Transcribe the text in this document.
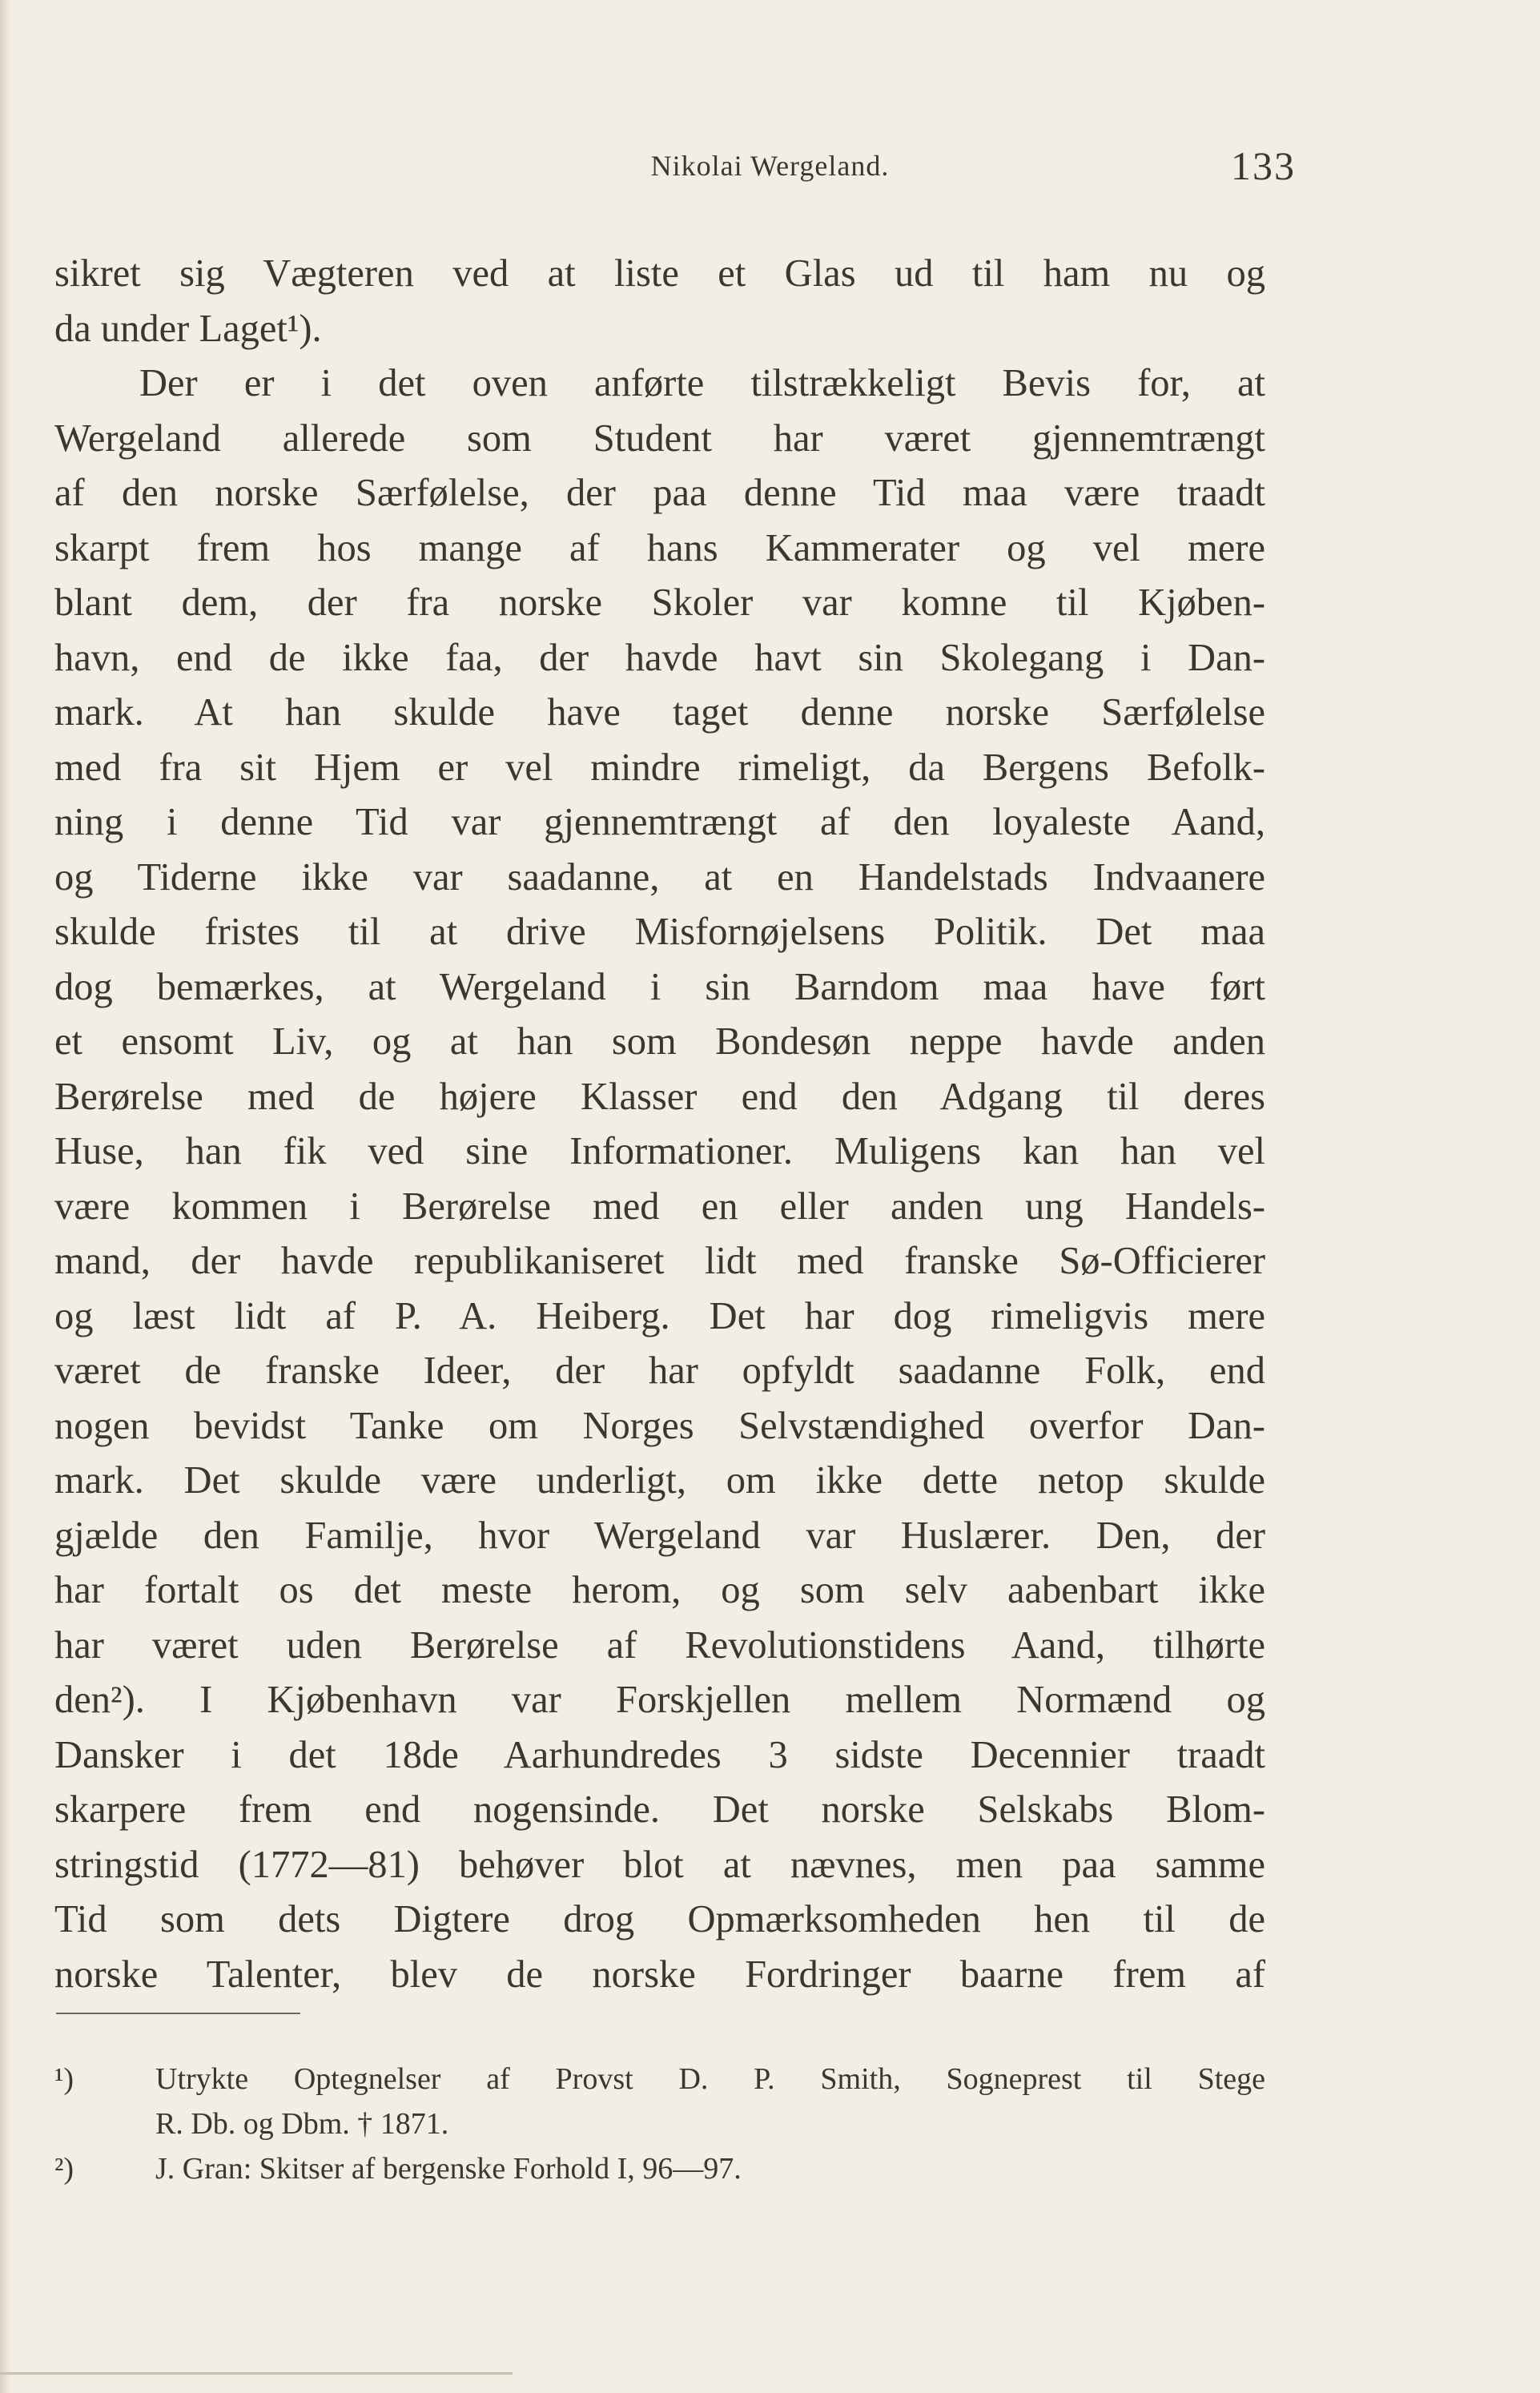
Nikolai Wergeland.	133
sikret sig Vægteren ved at liste et Glas ud til ham nu og
da under Laget¹).
Der er i det oven anførte tilstrækkeligt Bevis for, at
Wergeland allerede som Student har været gjennemtrængt
af den norske Særfølelse, der paa denne Tid maa være traadt
skarpt frem hos mange af hans Kammerater og vel mere
blant dem, der fra norske Skoler var komne til Kjøben-
havn, end de ikke faa, der havde havt sin Skolegang i Dan-
mark. At han skulde have taget denne norske Særfølelse
med fra sit Hjem er vel mindre rimeligt, da Bergens Befolk-
ning i denne Tid var gjennemtrængt af den loyaleste Aand,
og Tiderne ikke var saadanne, at en Handelstads Indvaanere
skulde fristes til at drive Misfornøjelsens Politik. Det maa
dog bemærkes, at Wergeland i sin Barndom maa have ført
et ensomt Liv, og at han som Bondesøn neppe havde anden
Berørelse med de højere Klasser end den Adgang til deres
Huse, han fik ved sine Informationer. Muligens kan han vel
være kommen i Berørelse med en eller anden ung Handels-
mand, der havde republikaniseret lidt med franske Sø-Officierer
og læst lidt af P. A. Heiberg. Det har dog rimeligvis mere
været de franske Ideer, der har opfyldt saadanne Folk, end
nogen bevidst Tanke om Norges Selvstændighed overfor Dan-
mark. Det skulde være underligt, om ikke dette netop skulde
gjælde den Familje, hvor Wergeland var Huslærer. Den, der
har fortalt os det meste herom, og som selv aabenbart ikke
har været uden Berørelse af Revolutionstidens Aand, tilhørte
den²). I Kjøbenhavn var Forskjellen mellem Normænd og
Dansker i det 18de Aarhundredes 3 sidste Decennier traadt
skarpere frem end nogensinde. Det norske Selskabs Blom-
stringstid (1772—81) behøver blot at nævnes, men paa samme
Tid som dets Digtere drog Opmærksomheden hen til de
norske Talenter, blev de norske Fordringer baarne frem af
¹)	Utrykte Optegnelser af Provst D. P. Smith, Sogneprest til Stege
R. Db. og Dbm. † 1871.
²)	J. Gran: Skitser af bergenske Forhold I, 96—97.
